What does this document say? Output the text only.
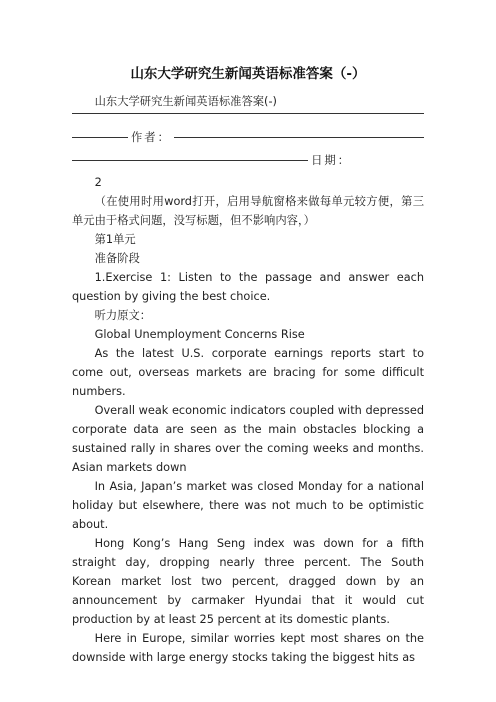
山东大学研究生新闻英语标准答案（-）

山东大学研究生新闻英语标准答案(-)

作者：
日期：

2

（在使用时用word打开，启用导航窗格来做每单元较方便，第三单元由于格式问题，没写标题，但不影响内容，）

第1单元

准备阶段

1.Exercise 1: Listen to the passage and answer each question by giving the best choice.

听力原文：

Global Unemployment Concerns Rise

As the latest U.S. corporate earnings reports start to come out, overseas markets are bracing for some difficult numbers.

Overall weak economic indicators coupled with depressed corporate data are seen as the main obstacles blocking a sustained rally in shares over the coming weeks and months. Asian markets down

In Asia, Japan’s market was closed Monday for a national holiday but elsewhere, there was not much to be optimistic about.

Hong Kong’s Hang Seng index was down for a fifth straight day, dropping nearly three percent. The South Korean market lost two percent, dragged down by an announcement by carmaker Hyundai that it would cut production by at least 25 percent at its domestic plants.

Here in Europe, similar worries kept most shares on the downside with large energy stocks taking the biggest hits as
